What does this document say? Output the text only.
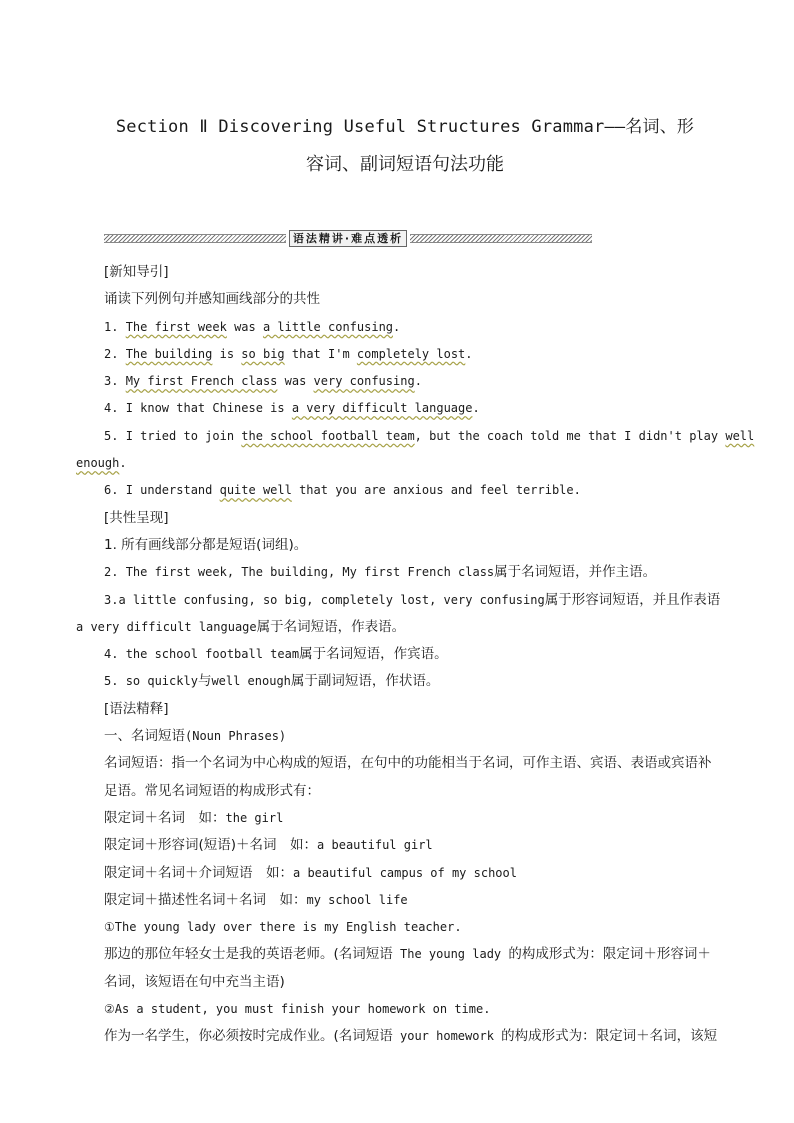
Section Ⅱ Discovering Useful Structures Grammar——名词、形
容词、副词短语句法功能
语法精讲·难点透析

[新知导引]

诵读下列例句并感知画线部分的共性

1. The first week was a little confusing.

2. The building is so big that I'm completely lost.

3. My first French class was very confusing.

4. I know that Chinese is a very difficult language.

5. I tried to join the school football team, but the coach told me that I didn't play well

enough.

6. I understand quite well that you are anxious and feel terrible.

[共性呈现]

1. 所有画线部分都是短语(词组)。

2. The first week, The building, My first French class属于名词短语，并作主语。

3.a little confusing, so big, completely lost, very confusing属于形容词短语，并且作表语

a very difficult language属于名词短语，作表语。

4. the school football team属于名词短语，作宾语。

5. so quickly与well enough属于副词短语，作状语。

[语法精释]

一、名词短语(Noun Phrases)

名词短语：指一个名词为中心构成的短语，在句中的功能相当于名词，可作主语、宾语、表语或宾语补足语。常见名词短语的构成形式有：

限定词＋名词　如：the girl

限定词＋形容词(短语)＋名词　如：a beautiful girl

限定词＋名词＋介词短语　如：a beautiful campus of my school

限定词＋描述性名词＋名词　如：my school life

①The young lady over there is my English teacher.

那边的那位年轻女士是我的英语老师。(名词短语 The young lady 的构成形式为：限定词＋形容词＋名词，该短语在句中充当主语)

②As a student, you must finish your homework on time.

作为一名学生，你必须按时完成作业。(名词短语 your homework 的构成形式为：限定词＋名词，该短
